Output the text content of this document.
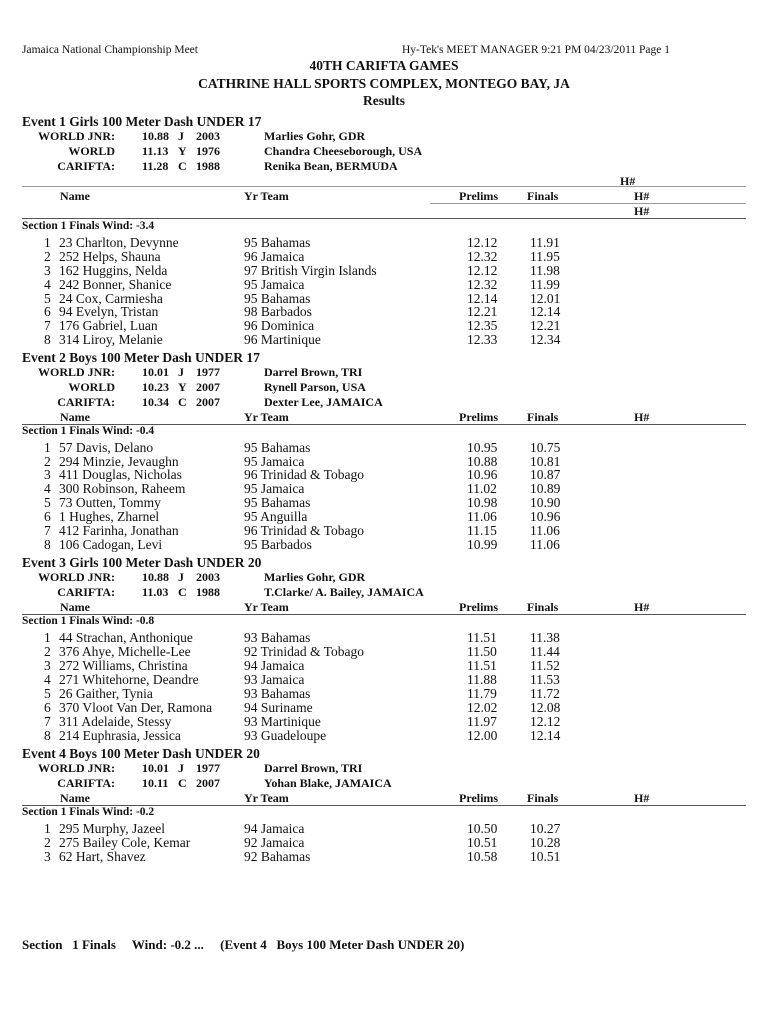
Jamaica National Championship Meet	Hy-Tek's MEET MANAGER 9:21 PM 04/23/2011 Page 1
40TH CARIFTA GAMES
CATHRINE HALL SPORTS COMPLEX, MONTEGO BAY, JA
Results
Event 1 Girls 100 Meter Dash UNDER 17
WORLD JNR: 10.88 J 2003	Marlies Gohr, GDR
WORLD 11.13 Y 1976	Chandra Cheeseborough, USA
CARIFTA: 11.28 C 1988	Renika Bean, BERMUDA
H#
Name	Yr Team	Prelims Finals	H#
H#
Section 1 Finals Wind: -3.4
1 23 Charlton, Devynne	95 Bahamas	12.12 11.91
2 252 Helps, Shauna	96 Jamaica	12.32 11.95
3 162 Huggins, Nelda	97 British Virgin Islands	12.12 11.98
4 242 Bonner, Shanice	95 Jamaica	12.32 11.99
5 24 Cox, Carmiesha	95 Bahamas	12.14 12.01
6 94 Evelyn, Tristan	98 Barbados	12.21 12.14
7 176 Gabriel, Luan	96 Dominica	12.35 12.21
8 314 Liroy, Melanie	96 Martinique	12.33 12.34
Event 2 Boys 100 Meter Dash UNDER 17
WORLD JNR: 10.01 J 1977	Darrel Brown, TRI
WORLD 10.23 Y 2007	Rynell Parson, USA
CARIFTA: 10.34 C 2007	Dexter Lee, JAMAICA
Name	Yr Team	Prelims Finals	H#
Section 1 Finals Wind: -0.4
1 57 Davis, Delano	95 Bahamas	10.95 10.75
2 294 Minzie, Jevaughn	95 Jamaica	10.88 10.81
3 411 Douglas, Nicholas	96 Trinidad & Tobago	10.96 10.87
4 300 Robinson, Raheem	95 Jamaica	11.02 10.89
5 73 Outten, Tommy	95 Bahamas	10.98 10.90
6 1 Hughes, Zharnel	95 Anguilla	11.06 10.96
7 412 Farinha, Jonathan	96 Trinidad & Tobago	11.15 11.06
8 106 Cadogan, Levi	95 Barbados	10.99 11.06
Event 3 Girls 100 Meter Dash UNDER 20
WORLD JNR: 10.88 J 2003	Marlies Gohr, GDR
CARIFTA: 11.03 C 1988	T.Clarke/ A. Bailey, JAMAICA
Name	Yr Team	Prelims Finals	H#
Section 1 Finals Wind: -0.8
1 44 Strachan, Anthonique	93 Bahamas	11.51 11.38
2 376 Ahye, Michelle-Lee	92 Trinidad & Tobago	11.50 11.44
3 272 Williams, Christina	94 Jamaica	11.51 11.52
4 271 Whitehorne, Deandre	93 Jamaica	11.88 11.53
5 26 Gaither, Tynia	93 Bahamas	11.79 11.72
6 370 Vloot Van Der, Ramona 94 Suriname	12.02 12.08
7 311 Adelaide, Stessy	93 Martinique	11.97 12.12
8 214 Euphrasia, Jessica	93 Guadeloupe	12.00 12.14
Event 4 Boys 100 Meter Dash UNDER 20
WORLD JNR: 10.01 J 1977	Darrel Brown, TRI
CARIFTA: 10.11 C 2007	Yohan Blake, JAMAICA
Name	Yr Team	Prelims Finals	H#
Section 1 Finals Wind: -0.2
1 295 Murphy, Jazeel	94 Jamaica	10.50 10.27
2 275 Bailey Cole, Kemar	92 Jamaica	10.51 10.28
3 62 Hart, Shavez	92 Bahamas	10.58 10.51
Section   1 Finals     Wind: -0.2 ...     (Event 4   Boys 100 Meter Dash UNDER 20)
